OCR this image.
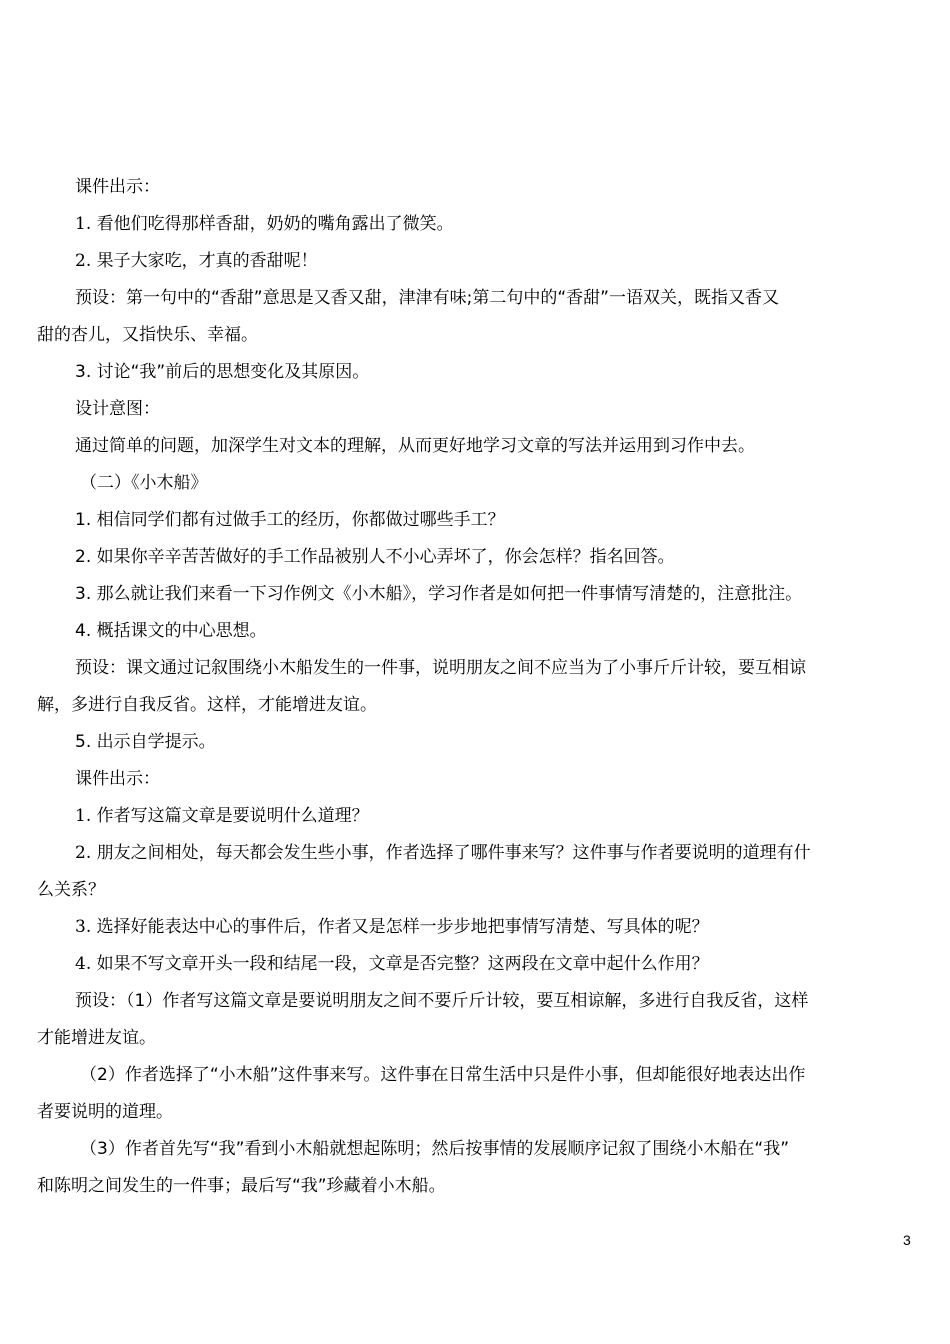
课件出示：
1. 看他们吃得那样香甜，奶奶的嘴角露出了微笑。
2. 果子大家吃，才真的香甜呢！
预设：第一句中的“香甜”意思是又香又甜，津津有味;第二句中的“香甜”一语双关，既指又香又
甜的杏儿，又指快乐、幸福。
3. 讨论“我”前后的思想变化及其原因。
设计意图：
通过简单的问题，加深学生对文本的理解，从而更好地学习文章的写法并运用到习作中去。
（二）《小木船》
1. 相信同学们都有过做手工的经历，你都做过哪些手工？
2. 如果你辛辛苦苦做好的手工作品被别人不小心弄坏了，你会怎样？指名回答。
3. 那么就让我们来看一下习作例文《小木船》，学习作者是如何把一件事情写清楚的，注意批注。
4. 概括课文的中心思想。
预设：课文通过记叙围绕小木船发生的一件事，说明朋友之间不应当为了小事斤斤计较，要互相谅
解，多进行自我反省。这样，才能增进友谊。
5. 出示自学提示。
课件出示：
1. 作者写这篇文章是要说明什么道理？
2. 朋友之间相处，每天都会发生些小事，作者选择了哪件事来写？这件事与作者要说明的道理有什
么关系？
3. 选择好能表达中心的事件后，作者又是怎样一步步地把事情写清楚、写具体的呢？
4. 如果不写文章开头一段和结尾一段，文章是否完整？这两段在文章中起什么作用？
预设：（1）作者写这篇文章是要说明朋友之间不要斤斤计较，要互相谅解，多进行自我反省，这样
才能增进友谊。
（2）作者选择了“小木船”这件事来写。这件事在日常生活中只是件小事，但却能很好地表达出作
者要说明的道理。
（3）作者首先写“我”看到小木船就想起陈明；然后按事情的发展顺序记叙了围绕小木船在“我”
和陈明之间发生的一件事；最后写“我”珍藏着小木船。
3
